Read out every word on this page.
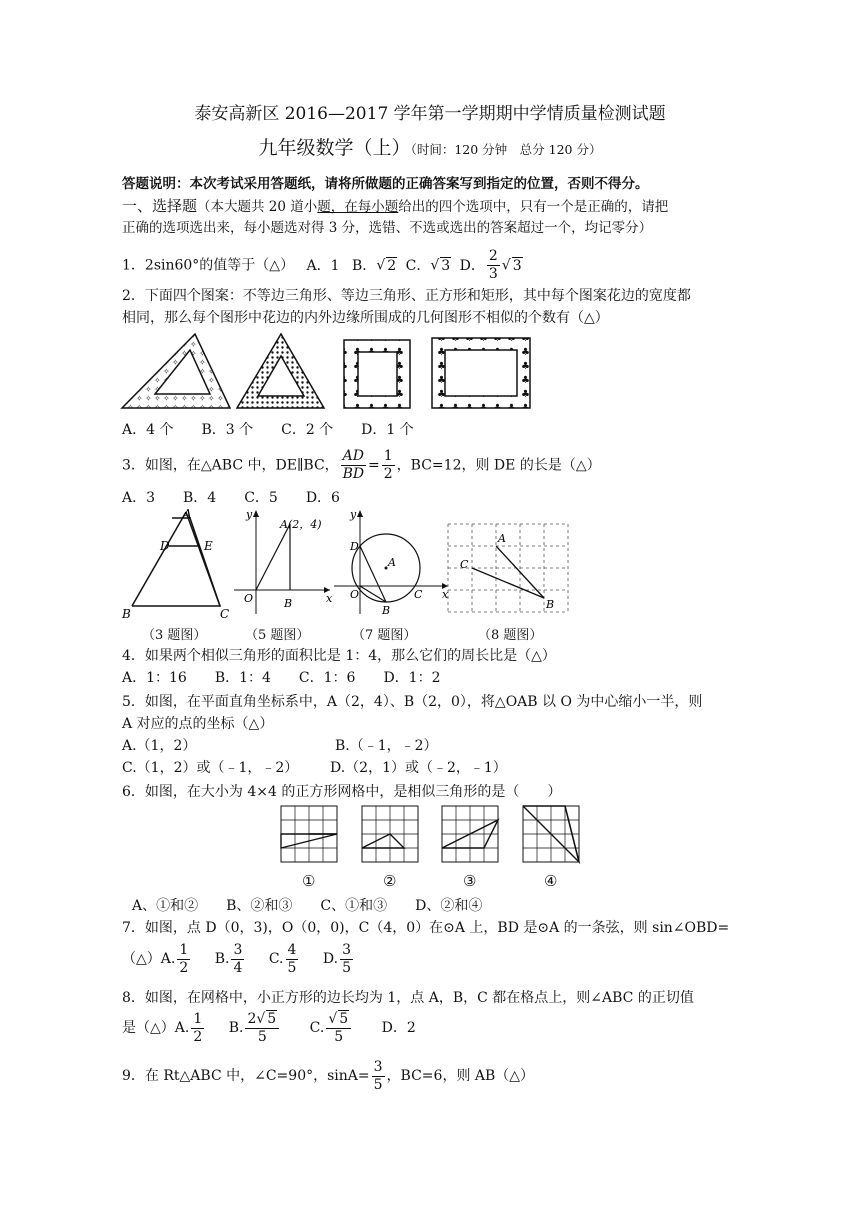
泰安高新区 2016—2017 学年第一学期期中学情质量检测试题
九年级数学（上）（时间：120 分钟　总分 120 分）
答题说明：本次考试采用答题纸，请将所做题的正确答案写到指定的位置，否则不得分。
一、选择题（本大题共 20 道小题，在每小题给出的四个选项中，只有一个是正确的，请把
正确的选项选出来，每小题选对得 3 分，选错、不选或选出的答案超过一个，均记零分）
1．2sin60°的值等于（△） A．1 B．√ 2 C．√ 3 D． $\frac{2}{3}$ √ 3
2．下面四个图案：不等边三角形、等边三角形、正方形和矩形，其中每个图案花边的宽度都
相同，那么每个图形中花边的内外边缘所围成的几何图形不相似的个数有（△）
A．4 个　　B．3 个　　C．2 个　　D．1 个
3．如图，在△ABC 中，DE∥BC， $\frac{AD}{BD} = \frac{1}{2}$ ，BC=12，则 DE 的长是（△）
A．3　　B．4　　C．5　　D．6
A
D	E
B	C
y
x
O	B
A(2，4)
y
x
D
A
O	C
B
A
C
B
（3 题图）	（5 题图）	（7 题图）	（8 题图）
4．如果两个相似三角形的面积比是 1：4，那么它们的周长比是（△）
A．1：16　　B．1：4　　C．1：6　　D．1：2
5．如图，在平面直角坐标系中，A（2，4）、B（2，0），将△OAB 以 O 为中心缩小一半，则
A 对应的点的坐标（△）
A.（1，2）	B.（﹣1，﹣2）
C.（1，2）或（﹣1，﹣2） D.（2，1）或（﹣2，﹣1）
6．如图，在大小为 4×4 的正方形网格中，是相似三角形的是（　　）
①	②	③	④
A、①和②　　B、②和③　　C、①和③　　D、②和④
7．如图，点 D（0，3)，O（0，0)，C（4，0）在⊙A 上，BD 是⊙A 的一条弦，则 sin∠OBD=
（△）A. $\frac{1}{2} B$. $\frac{3}{4} C$. $\frac{4}{5} D$. $\frac{3}{5}$
8．如图，在网格中，小正方形的边长均为 1，点 A，B，C 都在格点上，则∠ABC 的正切值
是（△）A. $\frac{1}{2} B$. $\frac{2√ 5}{5} C$. $\frac{√ 5}{5}$ D．2
9．在 Rt△ABC 中，∠C=90°，$\sin A= \frac{3}{5}$ ，BC=6，则 AB（△）
